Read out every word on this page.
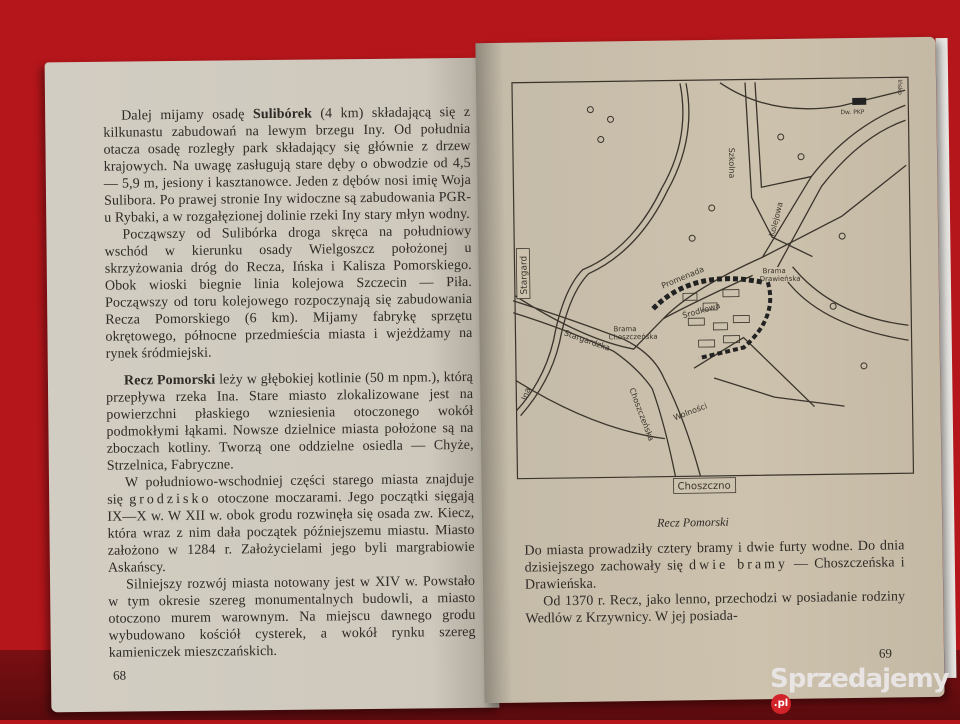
Dalej mijamy osadę Sulibórek (4 km) składającą się z kilkunastu zabudowań na lewym brzegu Iny. Od południa otacza osadę rozległy park składający się głównie z drzew krajowych. Na uwagę zasługują stare dęby o obwodzie od 4,5 — 5,9 m, jesiony i kasztanowce. Jeden z dębów nosi imię Woja Sulibora. Po prawej stronie Iny widoczne są zabudowania PGR-u Rybaki, a w rozgałęzionej dolinie rzeki Iny stary młyn wodny.

Począwszy od Sulibórka droga skręca na południowy wschód w kierunku osady Wielgoszcz położonej u skrzyżowania dróg do Recza, Ińska i Kalisza Pomorskiego. Obok wioski biegnie linia kolejowa Szczecin — Piła. Począwszy od toru kolejowego rozpoczynają się zabudowania Recza Pomorskiego (6 km). Mijamy fabrykę sprzętu okrętowego, północne przedmieścia miasta i wjeżdżamy na rynek śródmiejski.

Recz Pomorski leży w głębokiej kotlinie (50 m npm.), którą przepływa rzeka Ina. Stare miasto zlokalizowane jest na powierzchni płaskiego wzniesienia otoczonego wokół podmokłymi łąkami. Nowsze dzielnice miasta położone są na zboczach kotliny. Tworzą one oddzielne osiedla — Chyże, Strzelnica, Fabryczne.

W południowo-wschodniej części starego miasta znajduje się grodzisko otoczone moczarami. Jego początki sięgają IX—X w. W XII w. obok grodu rozwinęła się osada zw. Kiecz, która wraz z nim dała początek późniejszemu miastu. Miasto założono w 1284 r. Założycielami jego byli margrabiowie Askańscy.

Silniejszy rozwój miasta notowany jest w XIV w. Powstało w tym okresie szereg monumentalnych budowli, a miasto otoczono murem warownym. Na miejscu dawnego grodu wybudowano kościół cysterek, a wokół rynku szereg kamieniczek mieszczańskich.

68
Stargardzka
Promenada
Brama
Choszczeńska
Środkowa
Brama
Drawieńska
Ina	Choszczeńska Wolności
Choszczno
Szkolna
Kolejowa
Dw. PKP
Ińsko
Stargard
Recz Pomorski

Do miasta prowadziły cztery bramy i dwie furty wodne. Do dnia dzisiejszego zachowały się dwie bramy — Choszczeńska i Drawieńska.

Od 1370 r. Recz, jako lenno, przechodzi w posiadanie rodziny Wedlów z Krzywnicy. W jej posiada-

69
Sprzedajemy.pl
